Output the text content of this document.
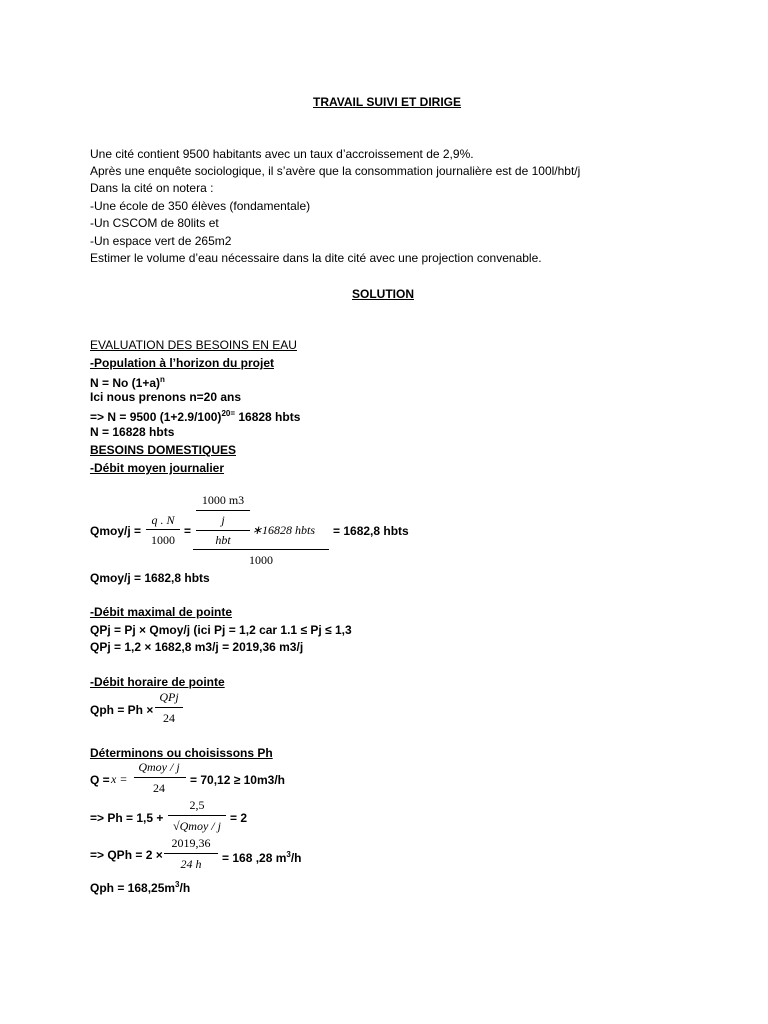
TRAVAIL SUIVI ET DIRIGE
Une cité contient 9500 habitants avec un taux d’accroissement de 2,9%.
Après une enquête sociologique, il s’avère que la consommation journalière est de 100l/hbt/j
Dans la cité on notera :
-Une école de 350 élèves (fondamentale)
-Un CSCOM de 80lits et
-Un espace vert de 265m2
Estimer le volume d’eau nécessaire dans la dite cité avec une projection convenable.
SOLUTION
EVALUATION DES BESOINS EN EAU
-Population à l’horizon du projet
N = No $(1+a)^n$
Ici nous prenons n=20 ans
=> N = 9500 $(1+2.9/100)^{20=}$ 16828 hbts
N = 16828 hbts
BESOINS DOMESTIQUES
-Débit moyen journalier
Qmoy/j =
q . N
1000
=
1000 m3
j
hbt
∗16828 hbts
1000
= 1682,8 hbts
Qmoy/j = 1682,8 hbts
-Débit maximal de pointe
QPj = Pj × Qmoy/j (ici Pj = 1,2 car 1.1 ≤ Pj ≤ 1,3
QPj = 1,2 × 1682,8 m3/j = 2019,36 m3/j
-Débit horaire de pointe
Qph = Ph ×
QPj
24
Déterminons ou choisissons Ph
Q = x =
Qmoy / j
24
= 70,12 ≥ 10m3/h
=> Ph = 1,5 +
2,5
√Qmoy / j
= 2
=> QPh = 2 ×
2019,36
24 h	= 168 ,28 $m^3/h$
Qph = $168,25m^3/h$
